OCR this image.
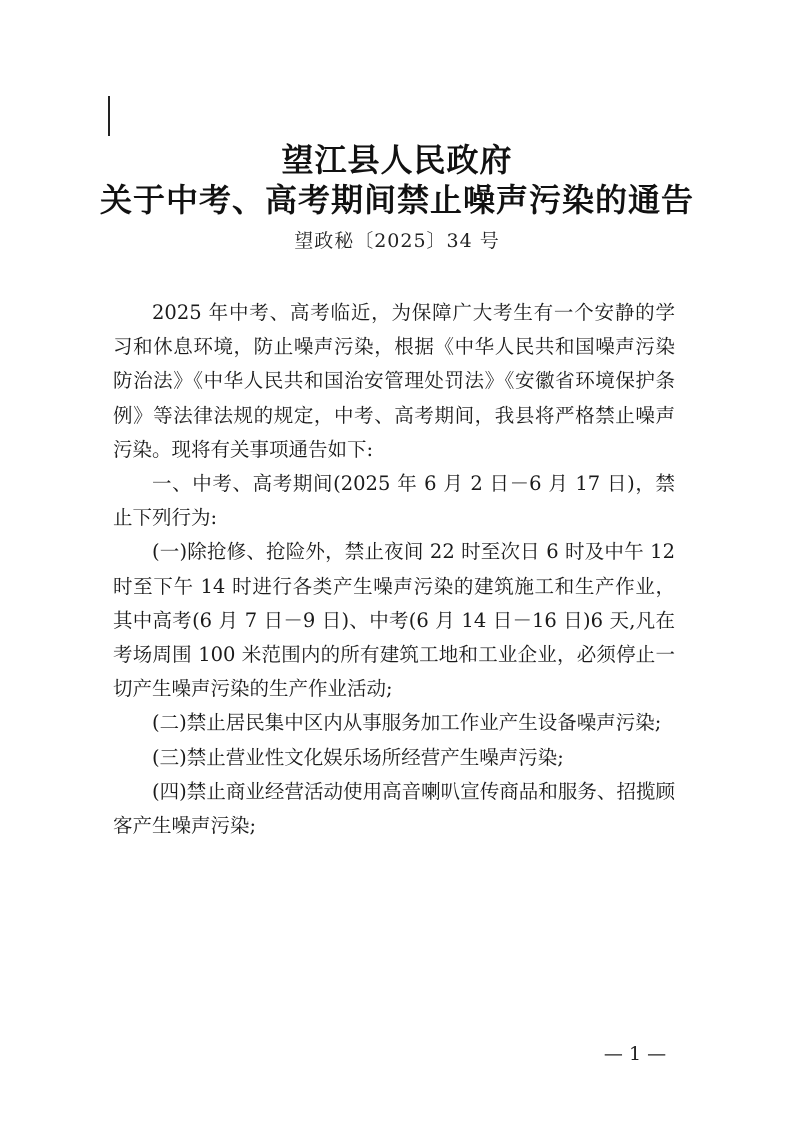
望江县人民政府
关于中考、高考期间禁止噪声污染的通告
望政秘〔2025〕34 号

2025 年中考、高考临近，为保障广大考生有一个安静的学习和休息环境，防止噪声污染，根据《中华人民共和国噪声污染防治法》《中华人民共和国治安管理处罚法》《安徽省环境保护条例》等法律法规的规定，中考、高考期间，我县将严格禁止噪声污染。现将有关事项通告如下:

一、中考、高考期间(2025 年 6 月 2 日－6 月 17 日)，禁止下列行为:

(一)除抢修、抢险外，禁止夜间 22 时至次日 6 时及中午 12 时至下午 14 时进行各类产生噪声污染的建筑施工和生产作业，其中高考(6 月 7 日－9 日)、中考(6 月 14 日－16 日)6 天,凡在考场周围 100 米范围内的所有建筑工地和工业企业，必须停止一切产生噪声污染的生产作业活动;

(二)禁止居民集中区内从事服务加工作业产生设备噪声污染;

(三)禁止营业性文化娱乐场所经营产生噪声污染;

(四)禁止商业经营活动使用高音喇叭宣传商品和服务、招揽顾客产生噪声污染;

— 1 —
